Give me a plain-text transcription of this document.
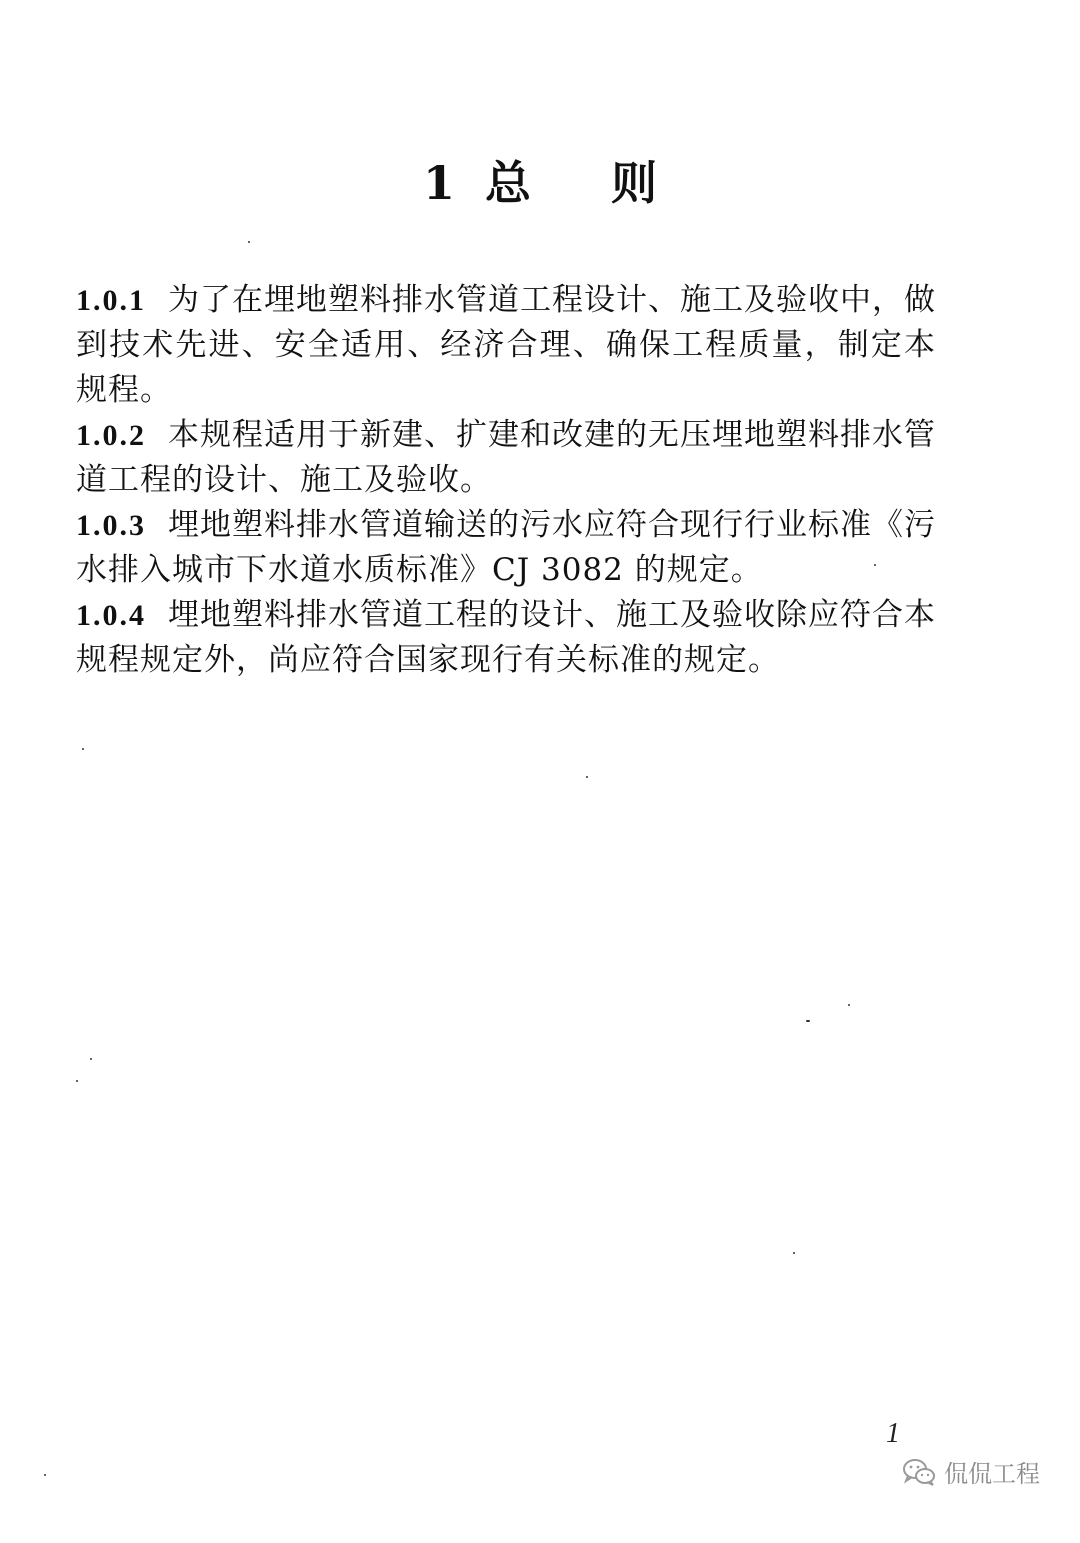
1 总 则

1.0.1 为了在埋地塑料排水管道工程设计、施工及验收中，做到技术先进、安全适用、经济合理、确保工程质量，制定本规程。

1.0.2 本规程适用于新建、扩建和改建的无压埋地塑料排水管道工程的设计、施工及验收。

1.0.3 埋地塑料排水管道输送的污水应符合现行行业标准《污水排入城市下水道水质标准》CJ 3082 的规定。

1.0.4 埋地塑料排水管道工程的设计、施工及验收除应符合本规程规定外，尚应符合国家现行有关标准的规定。

1
侃侃工程
